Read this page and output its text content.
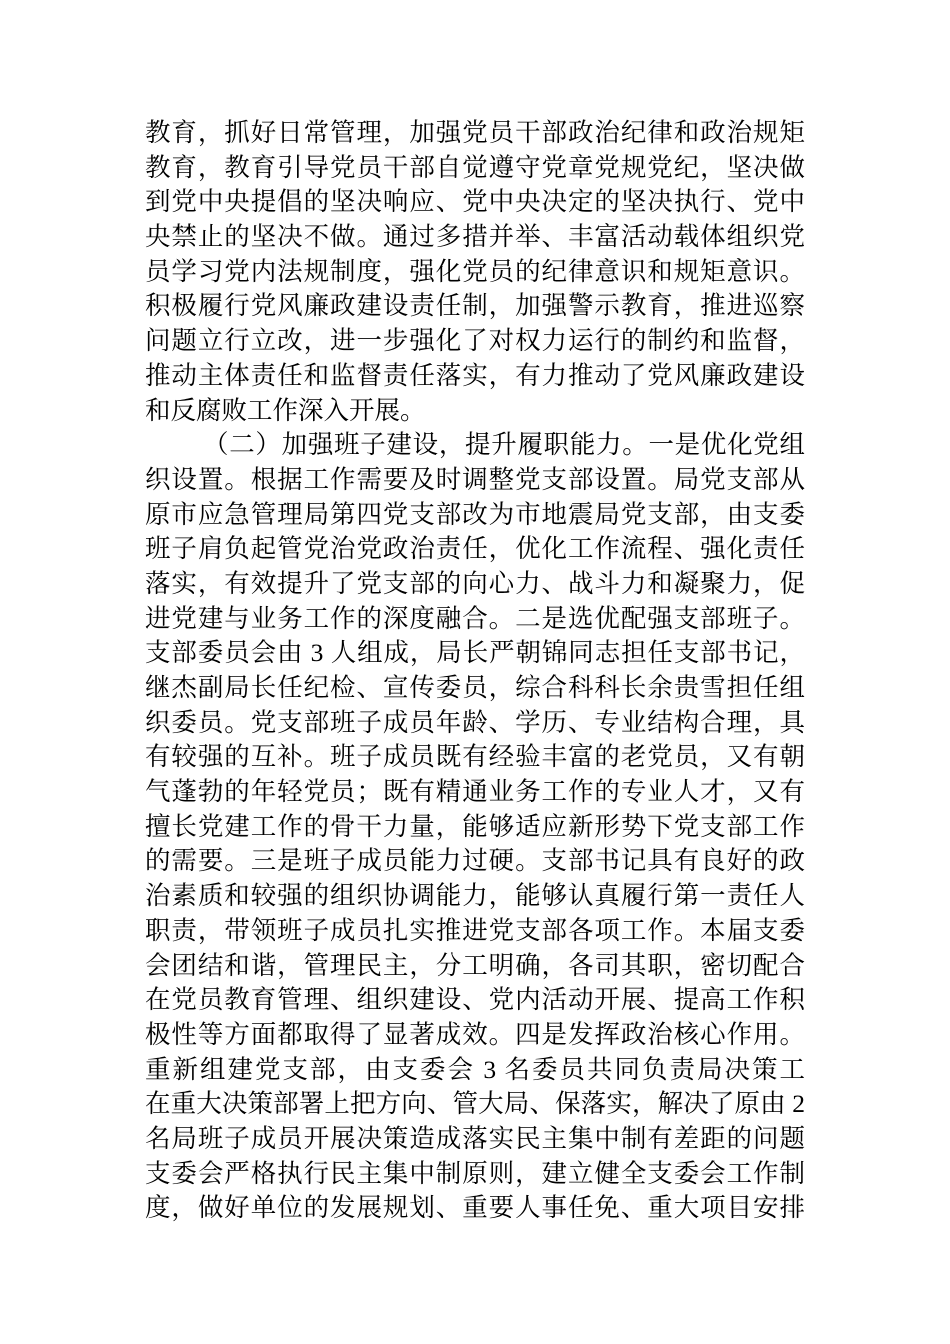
教育，抓好日常管理，加强党员干部政治纪律和政治规矩
教育，教育引导党员干部自觉遵守党章党规党纪，坚决做
到党中央提倡的坚决响应、党中央决定的坚决执行、党中
央禁止的坚决不做。通过多措并举、丰富活动载体组织党
员学习党内法规制度，强化党员的纪律意识和规矩意识。
积极履行党风廉政建设责任制，加强警示教育，推进巡察
问题立行立改，进一步强化了对权力运行的制约和监督，
推动主体责任和监督责任落实，有力推动了党风廉政建设
和反腐败工作深入开展。
（二）加强班子建设，提升履职能力。一是优化党组
织设置。根据工作需要及时调整党支部设置。局党支部从
原市应急管理局第四党支部改为市地震局党支部，由支委
班子肩负起管党治党政治责任，优化工作流程、强化责任
落实，有效提升了党支部的向心力、战斗力和凝聚力，促
进党建与业务工作的深度融合。二是选优配强支部班子。
支部委员会由 3 人组成，局长严朝锦同志担任支部书记，
继杰副局长任纪检、宣传委员，综合科科长余贵雪担任组
织委员。党支部班子成员年龄、学历、专业结构合理，具
有较强的互补。班子成员既有经验丰富的老党员，又有朝
气蓬勃的年轻党员；既有精通业务工作的专业人才，又有
擅长党建工作的骨干力量，能够适应新形势下党支部工作
的需要。三是班子成员能力过硬。支部书记具有良好的政
治素质和较强的组织协调能力，能够认真履行第一责任人
职责，带领班子成员扎实推进党支部各项工作。本届支委
会团结和谐，管理民主，分工明确，各司其职，密切配合
在党员教育管理、组织建设、党内活动开展、提高工作积
极性等方面都取得了显著成效。四是发挥政治核心作用。
重新组建党支部，由支委会 3 名委员共同负责局决策工
在重大决策部署上把方向、管大局、保落实，解决了原由 2
名局班子成员开展决策造成落实民主集中制有差距的问题
支委会严格执行民主集中制原则，建立健全支委会工作制
度，做好单位的发展规划、重要人事任免、重大项目安排
